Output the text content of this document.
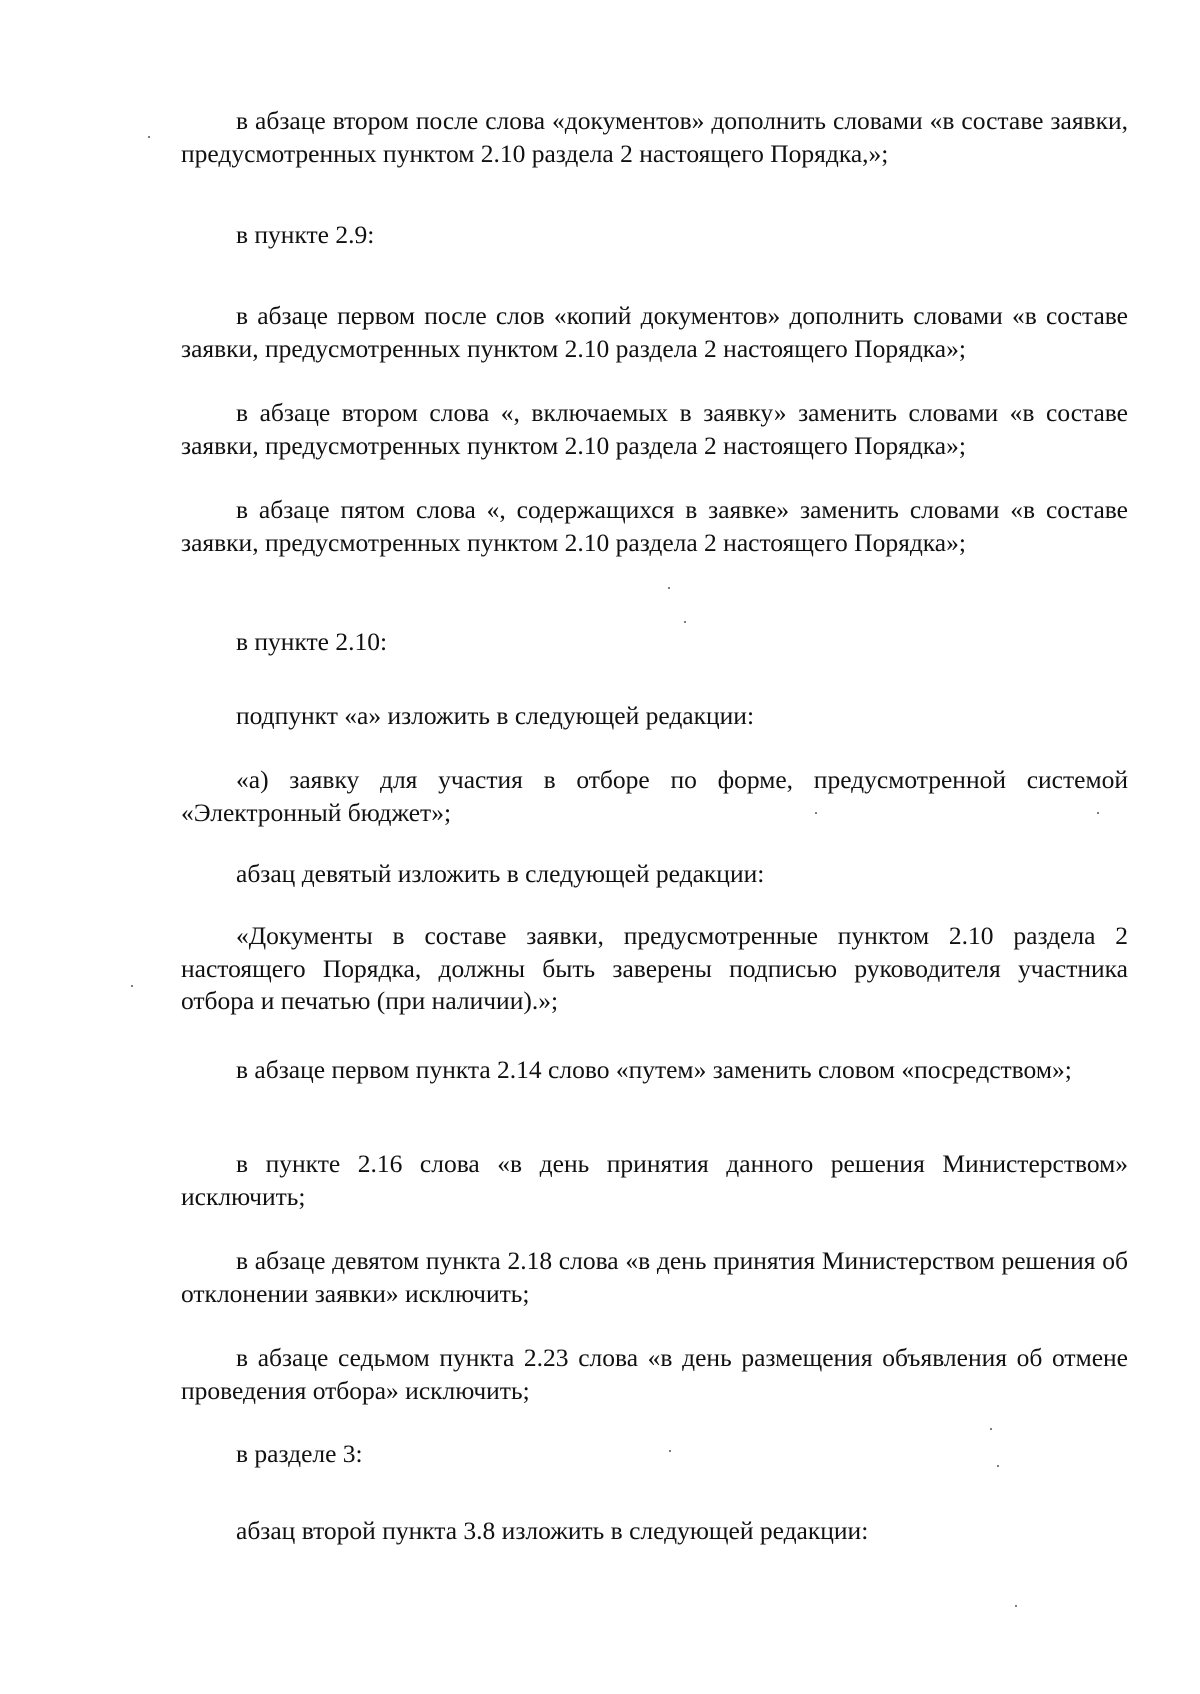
в абзаце втором после слова «документов» дополнить словами «в составе заявки, предусмотренных пунктом 2.10 раздела 2 настоящего Порядка,»;

в пункте 2.9:

в абзаце первом после слов «копий документов» дополнить словами «в составе заявки, предусмотренных пунктом 2.10 раздела 2 настоящего Порядка»;

в абзаце втором слова «, включаемых в заявку» заменить словами «в составе заявки, предусмотренных пунктом 2.10 раздела 2 настоящего Порядка»;

в абзаце пятом слова «, содержащихся в заявке» заменить словами «в составе заявки, предусмотренных пунктом 2.10 раздела 2 настоящего Порядка»;

в пункте 2.10:

подпункт «а» изложить в следующей редакции:

«а) заявку для участия в отборе по форме, предусмотренной системой «Электронный бюджет»;

абзац девятый изложить в следующей редакции:

«Документы в составе заявки, предусмотренные пунктом 2.10 раздела 2 настоящего Порядка, должны быть заверены подписью руководителя участника отбора и печатью (при наличии).»;

в абзаце первом пункта 2.14 слово «путем» заменить словом «посредством»;

в пункте 2.16 слова «в день принятия данного решения Министерством» исключить;

в абзаце девятом пункта 2.18 слова «в день принятия Министерством решения об отклонении заявки» исключить;

в абзаце седьмом пункта 2.23 слова «в день размещения объявления об отмене проведения отбора» исключить;

в разделе 3:

абзац второй пункта 3.8 изложить в следующей редакции:
